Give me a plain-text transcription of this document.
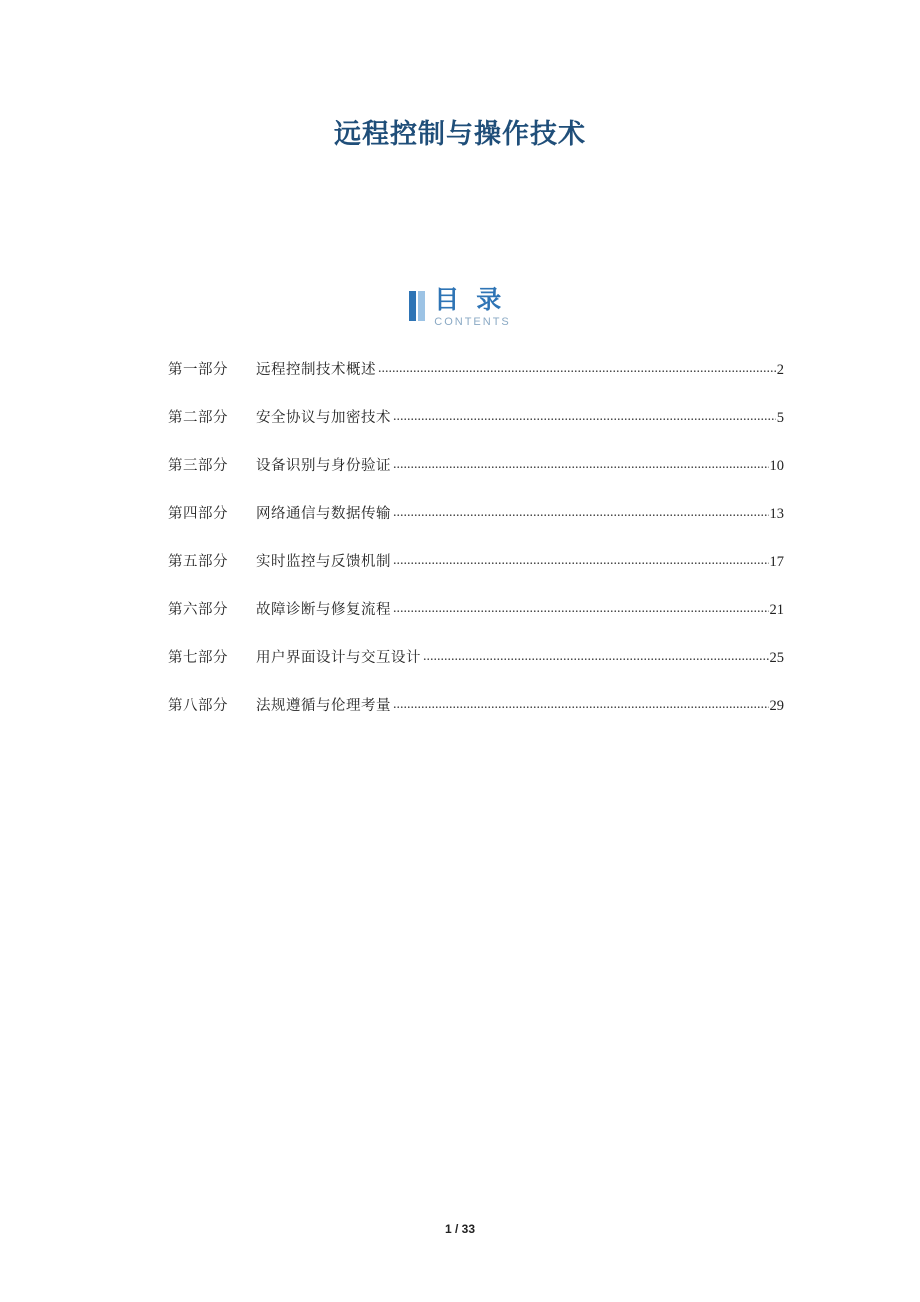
远程控制与操作技术
目 录
CONTENTS
第一部分	远程控制技术概述 .....	2
第二部分	安全协议与加密技术 .....	5
第三部分	设备识别与身份验证 .....	10
第四部分	网络通信与数据传输 .....	13
第五部分	实时监控与反馈机制 .....	17
第六部分	故障诊断与修复流程 .....	21
第七部分	用户界面设计与交互设计 .....	25
第八部分	法规遵循与伦理考量 .....	29
1 / 33
